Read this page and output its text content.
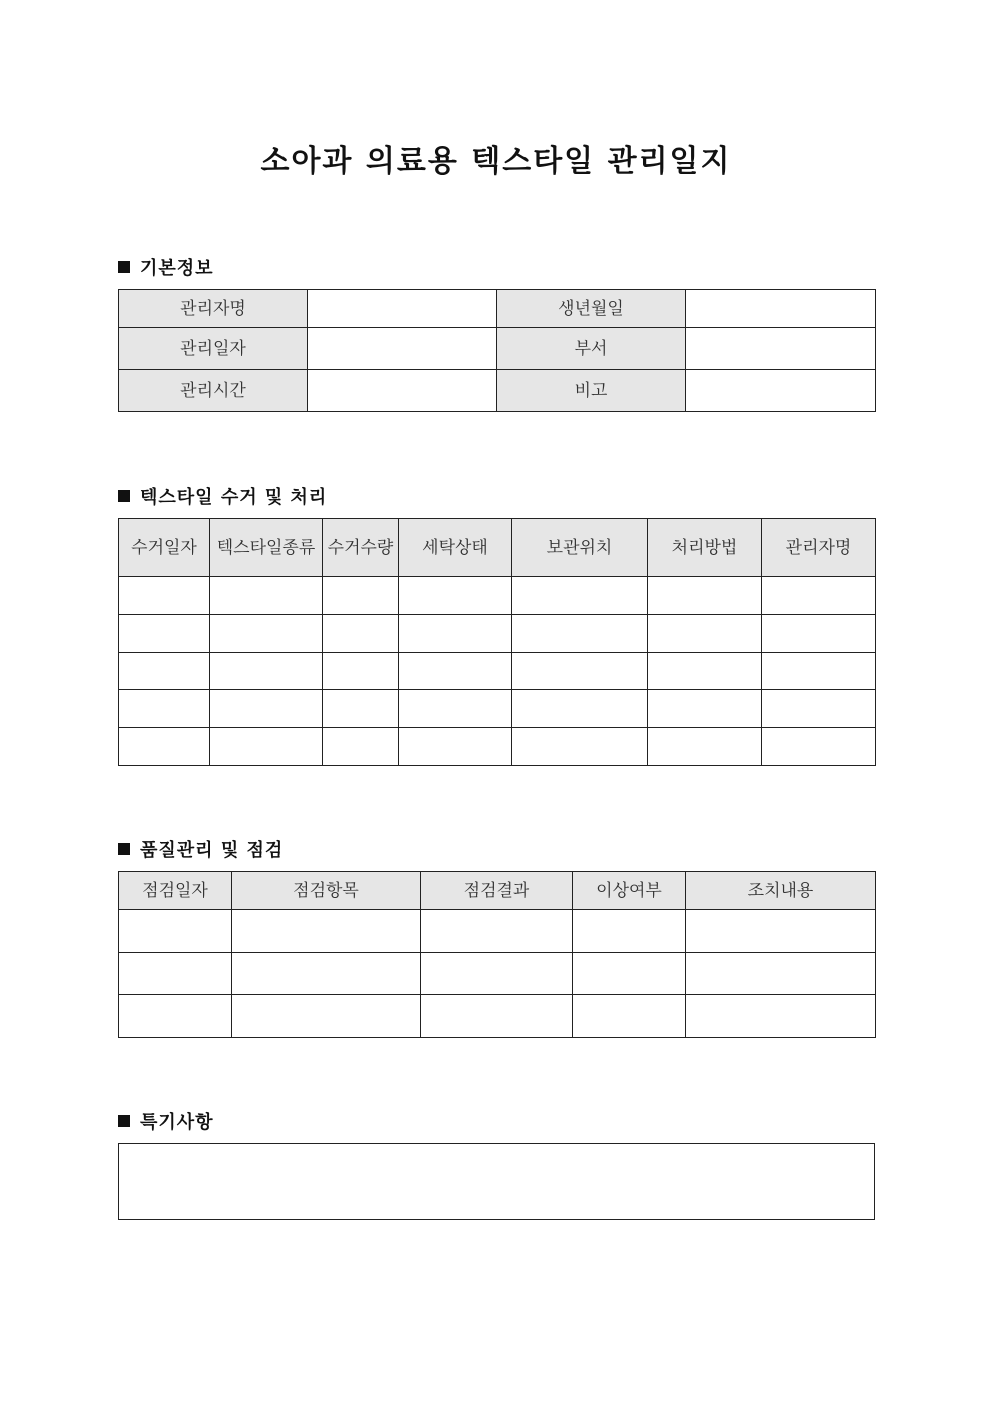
소아과 의료용 텍스타일 관리일지
기본정보
관리자명		생년월일	
관리일자		부서	
관리시간		비고	
텍스타일 수거 및 처리
수거일자	텍스타일종류	수거수량	세탁상태	보관위치	처리방법	관리자명

품질관리 및 점검
점검일자	점검항목	점검결과	이상여부	조치내용

특기사항
